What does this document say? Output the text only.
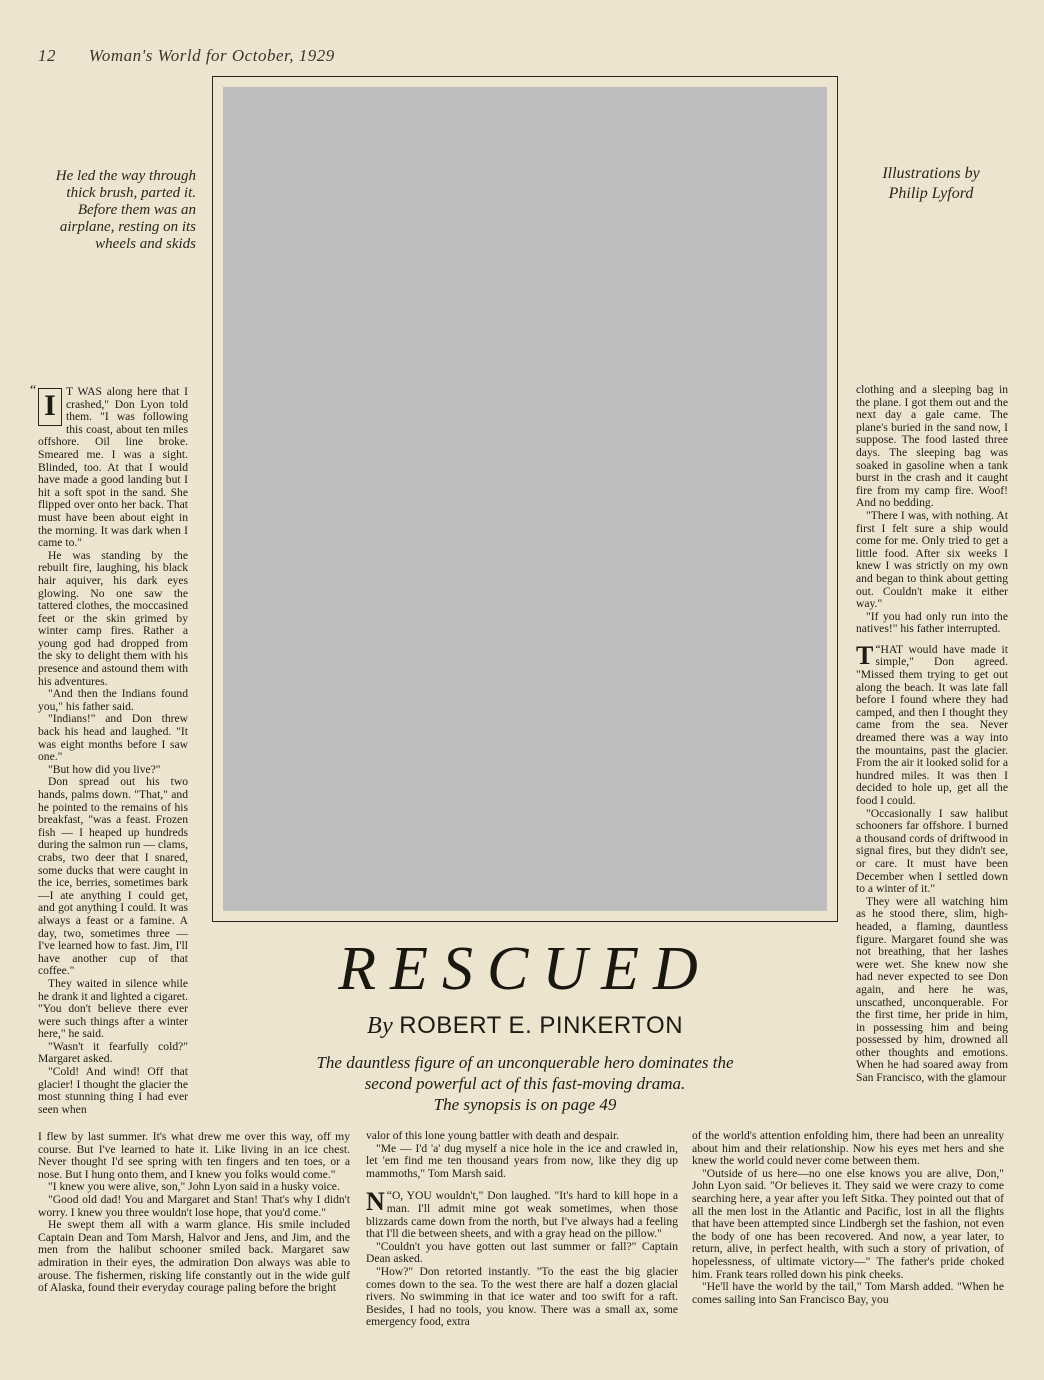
12 Woman's World for October, 1929
He led the way through thick brush, parted it. Before them was an airplane, resting on its wheels and skids
Illustrations by
Philip Lyford
“ I T WAS along here that I crashed," Don Lyon told them. "I was following this coast, about ten miles offshore. Oil line broke. Smeared me. I was a sight. Blinded, too. At that I would have made a good landing but I hit a soft spot in the sand. She flipped over onto her back. That must have been about eight in the morning. It was dark when I came to."

He was standing by the rebuilt fire, laughing, his black hair aquiver, his dark eyes glowing. No one saw the tattered clothes, the moccasined feet or the skin grimed by winter camp fires. Rather a young god had dropped from the sky to delight them with his presence and astound them with his adventures.

"And then the Indians found you," his father said.

"Indians!" and Don threw back his head and laughed. "It was eight months before I saw one."

"But how did you live?"

Don spread out his two hands, palms down. "That," and he pointed to the remains of his breakfast, "was a feast. Frozen fish — I heaped up hundreds during the salmon run — clams, crabs, two deer that I snared, some ducks that were caught in the ice, berries, sometimes bark—I ate anything I could get, and got anything I could. It was always a feast or a famine. A day, two, sometimes three — I've learned how to fast. Jim, I'll have another cup of that coffee."

They waited in silence while he drank it and lighted a cigaret. "You don't believe there ever were such things after a winter here," he said.

"Wasn't it fearfully cold?" Margaret asked.

"Cold! And wind! Off that glacier! I thought the glacier the most stunning thing I had ever seen when

clothing and a sleeping bag in the plane. I got them out and the next day a gale came. The plane's buried in the sand now, I suppose. The food lasted three days. The sleeping bag was soaked in gasoline when a tank burst in the crash and it caught fire from my camp fire. Woof! And no bedding.

"There I was, with nothing. At first I felt sure a ship would come for me. Only tried to get a little food. After six weeks I knew I was strictly on my own and began to think about getting out. Couldn't make it either way."

"If you had only run into the natives!" his father interrupted.

“
T HAT would have made it simple," Don agreed. "Missed them trying to get out along the beach. It was late fall before I found where they had camped, and then I thought they came from the sea. Never dreamed there was a way into the mountains, past the glacier. From the air it looked solid for a hundred miles. It was then I decided to hole up, get all the food I could.

"Occasionally I saw halibut schooners far offshore. I burned a thousand cords of driftwood in signal fires, but they didn't see, or care. It must have been December when I settled down to a winter of it."

They were all watching him as he stood there, slim, high-headed, a flaming, dauntless figure. Margaret found she was not breathing, that her lashes were wet. She knew now she had never expected to see Don again, and here he was, unscathed, unconquerable. For the first time, her pride in him, in possessing him and being possessed by him, drowned all other thoughts and emotions. When he had soared away from San Francisco, with the glamour

RESCUED
By ROBERT E. PINKERTON
The dauntless figure of an unconquerable hero dominates the
second powerful act of this fast-moving drama.
The synopsis is on page 49

I flew by last summer. It's what drew me over this way, off my course. But I've learned to hate it. Like living in an ice chest. Never thought I'd see spring with ten fingers and ten toes, or a nose. But I hung onto them, and I knew you folks would come."

"I knew you were alive, son," John Lyon said in a husky voice.

"Good old dad! You and Margaret and Stan! That's why I didn't worry. I knew you three wouldn't lose hope, that you'd come."

He swept them all with a warm glance. His smile included Captain Dean and Tom Marsh, Halvor and Jens, and Jim, and the men from the halibut schooner smiled back. Margaret saw admiration in their eyes, the admiration Don always was able to arouse. The fishermen, risking life constantly out in the wide gulf of Alaska, found their everyday courage paling before the bright

valor of this lone young battler with death and despair.

"Me — I'd 'a' dug myself a nice hole in the ice and crawled in, let 'em find me ten thousand years from now, like they dig up mammoths," Tom Marsh said.

“
N O, YOU wouldn't," Don laughed. "It's hard to kill hope in a man. I'll admit mine got weak sometimes, when those blizzards came down from the north, but I've always had a feeling that I'll die between sheets, and with a gray head on the pillow."

"Couldn't you have gotten out last summer or fall?" Captain Dean asked.

"How?" Don retorted instantly. "To the east the big glacier comes down to the sea. To the west there are half a dozen glacial rivers. No swimming in that ice water and too swift for a raft. Besides, I had no tools, you know. There was a small ax, some emergency food, extra

of the world's attention enfolding him, there had been an unreality about him and their relationship. Now his eyes met hers and she knew the world could never come between them.

"Outside of us here—no one else knows you are alive, Don," John Lyon said. "Or believes it. They said we were crazy to come searching here, a year after you left Sitka. They pointed out that of all the men lost in the Atlantic and Pacific, lost in all the flights that have been attempted since Lindbergh set the fashion, not even the body of one has been recovered. And now, a year later, to return, alive, in perfect health, with such a story of privation, of hopelessness, of ultimate victory—" The father's pride choked him. Frank tears rolled down his pink cheeks.

"He'll have the world by the tail," Tom Marsh added. "When he comes sailing into San Francisco Bay, you
